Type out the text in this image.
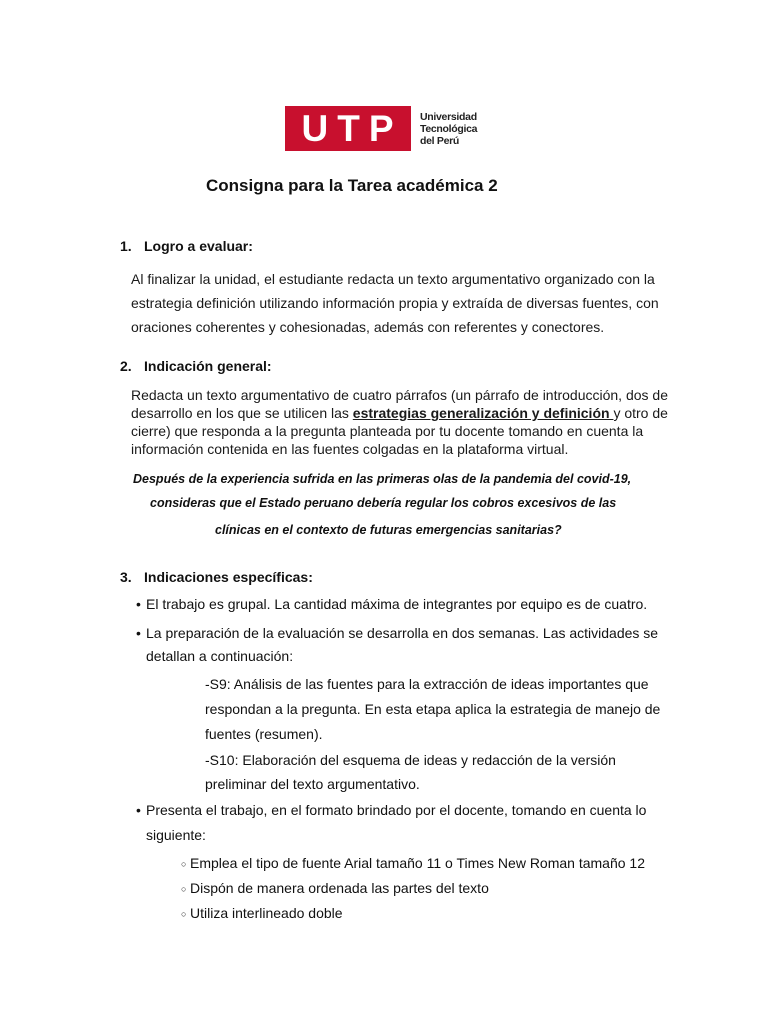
UTP Universidad
Tecnológica
del Perú
Consigna para la Tarea académica 2
1. Logro a evaluar:
Al finalizar la unidad, el estudiante redacta un texto argumentativo organizado con la
estrategia definición utilizando información propia y extraída de diversas fuentes, con
oraciones coherentes y cohesionadas, además con referentes y conectores.
2. Indicación general:
Redacta un texto argumentativo de cuatro párrafos (un párrafo de introducción, dos de
desarrollo en los que se utilicen las estrategias generalización y definición y otro de
cierre) que responda a la pregunta planteada por tu docente tomando en cuenta la
información contenida en las fuentes colgadas en la plataforma virtual.
Después de la experiencia sufrida en las primeras olas de la pandemia del covid-19,
consideras que el Estado peruano debería regular los cobros excesivos de las
clínicas en el contexto de futuras emergencias sanitarias?
3. Indicaciones específicas:
• El trabajo es grupal. La cantidad máxima de integrantes por equipo es de cuatro.
• La preparación de la evaluación se desarrolla en dos semanas. Las actividades se
detallan a continuación:
-S9: Análisis de las fuentes para la extracción de ideas importantes que
respondan a la pregunta. En esta etapa aplica la estrategia de manejo de
fuentes (resumen).
-S10: Elaboración del esquema de ideas y redacción de la versión
preliminar del texto argumentativo.
• Presenta el trabajo, en el formato brindado por el docente, tomando en cuenta lo
siguiente:
○ Emplea el tipo de fuente Arial tamaño 11 o Times New Roman tamaño 12
○ Dispón de manera ordenada las partes del texto
○ Utiliza interlineado doble
